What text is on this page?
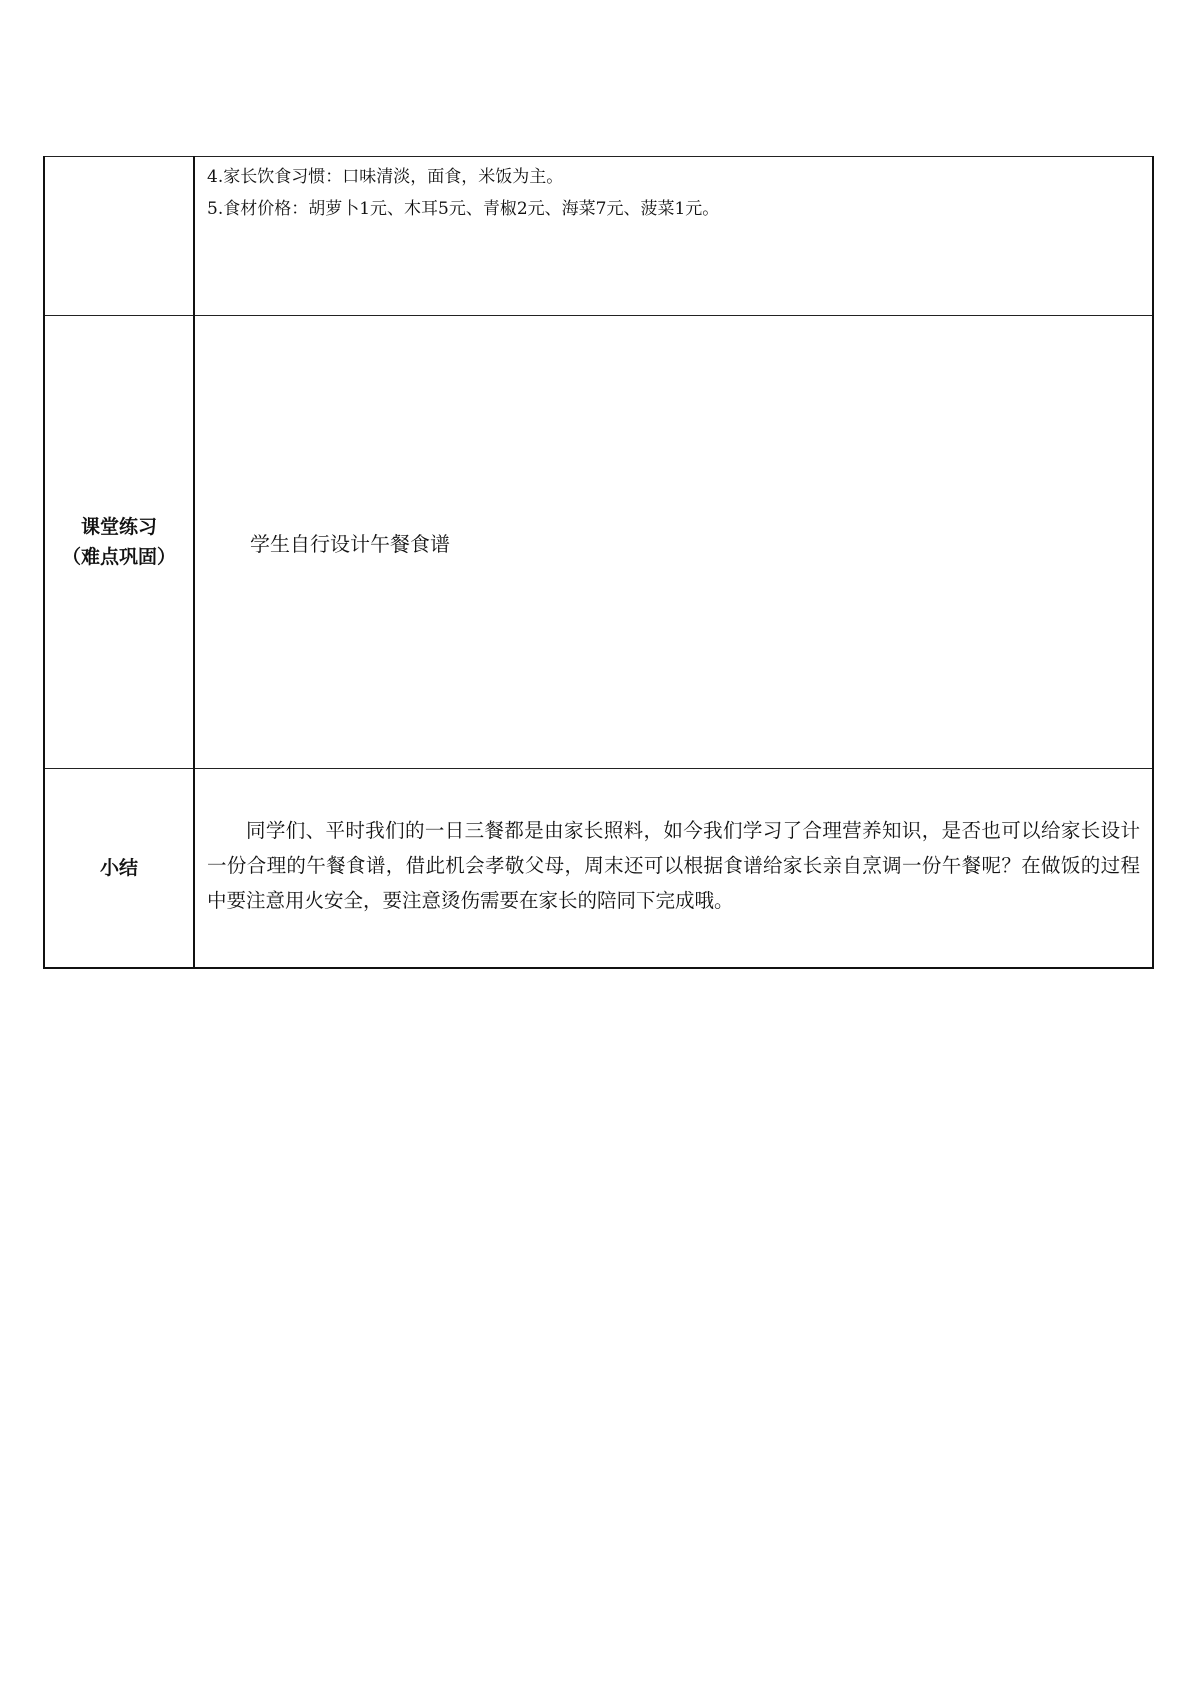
	4.家长饮食习惯：口味清淡，面食，米饭为主。
5.食材价格：胡萝卜1元、木耳5元、青椒2元、海菜7元、菠菜1元。

课堂练习
（难点巩固）	学生自行设计午餐食谱

小结	同学们、平时我们的一日三餐都是由家长照料，如今我们学习了合理营养知识，是否也可以给家长设计一份合理的午餐食谱，借此机会孝敬父母，周末还可以根据食谱给家长亲自烹调一份午餐呢？在做饭的过程中要注意用火安全，要注意烫伤需要在家长的陪同下完成哦。
